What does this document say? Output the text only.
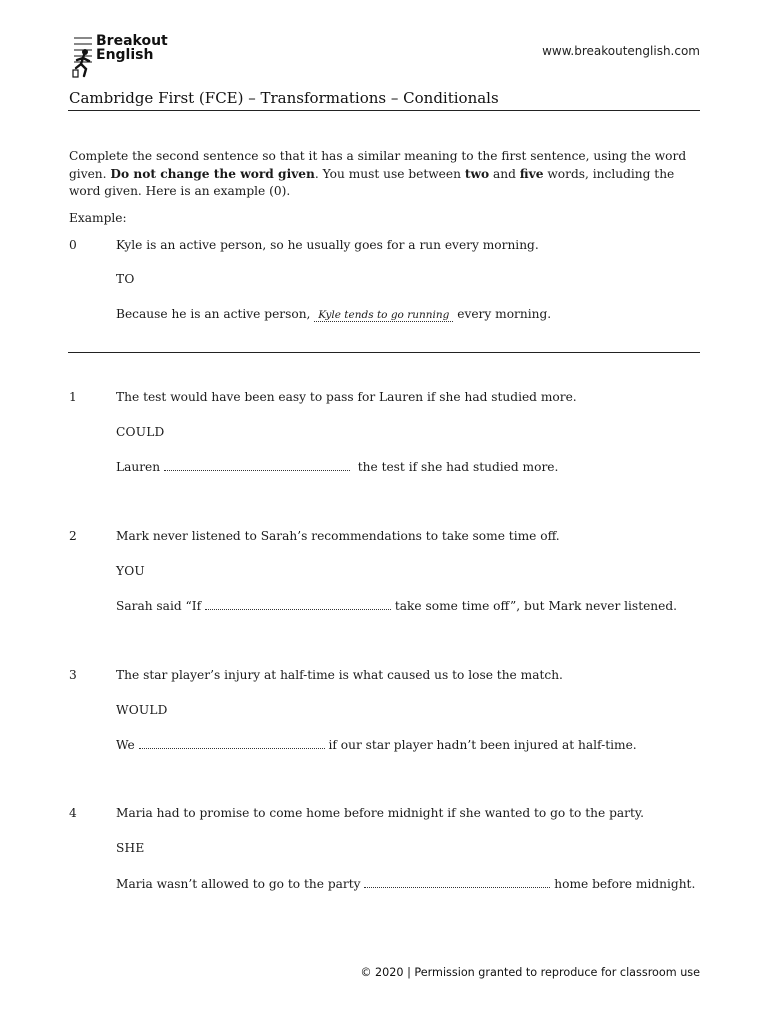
Breakout
English	www.breakoutenglish.com
Cambridge First (FCE) – Transformations – Conditionals
Complete the second sentence so that it has a similar meaning to the first sentence, using the word given. Do not change the word given. You must use between two and five words, including the word given. Here is an example (0).
Example:
0	Kyle is an active person, so he usually goes for a run every morning.
TO
Because he is an active person, Kyle tends to go running every morning.
1	The test would have been easy to pass for Lauren if she had studied more.
COULD
Lauren	the test if she had studied more.
2	Mark never listened to Sarah’s recommendations to take some time off.
YOU
Sarah said “If	take some time off”, but Mark never listened.
3	The star player’s injury at half-time is what caused us to lose the match.
WOULD
We	if our star player hadn’t been injured at half-time.
4	Maria had to promise to come home before midnight if she wanted to go to the party.
SHE
Maria wasn’t allowed to go to the party	home before midnight.
© 2020 | Permission granted to reproduce for classroom use
